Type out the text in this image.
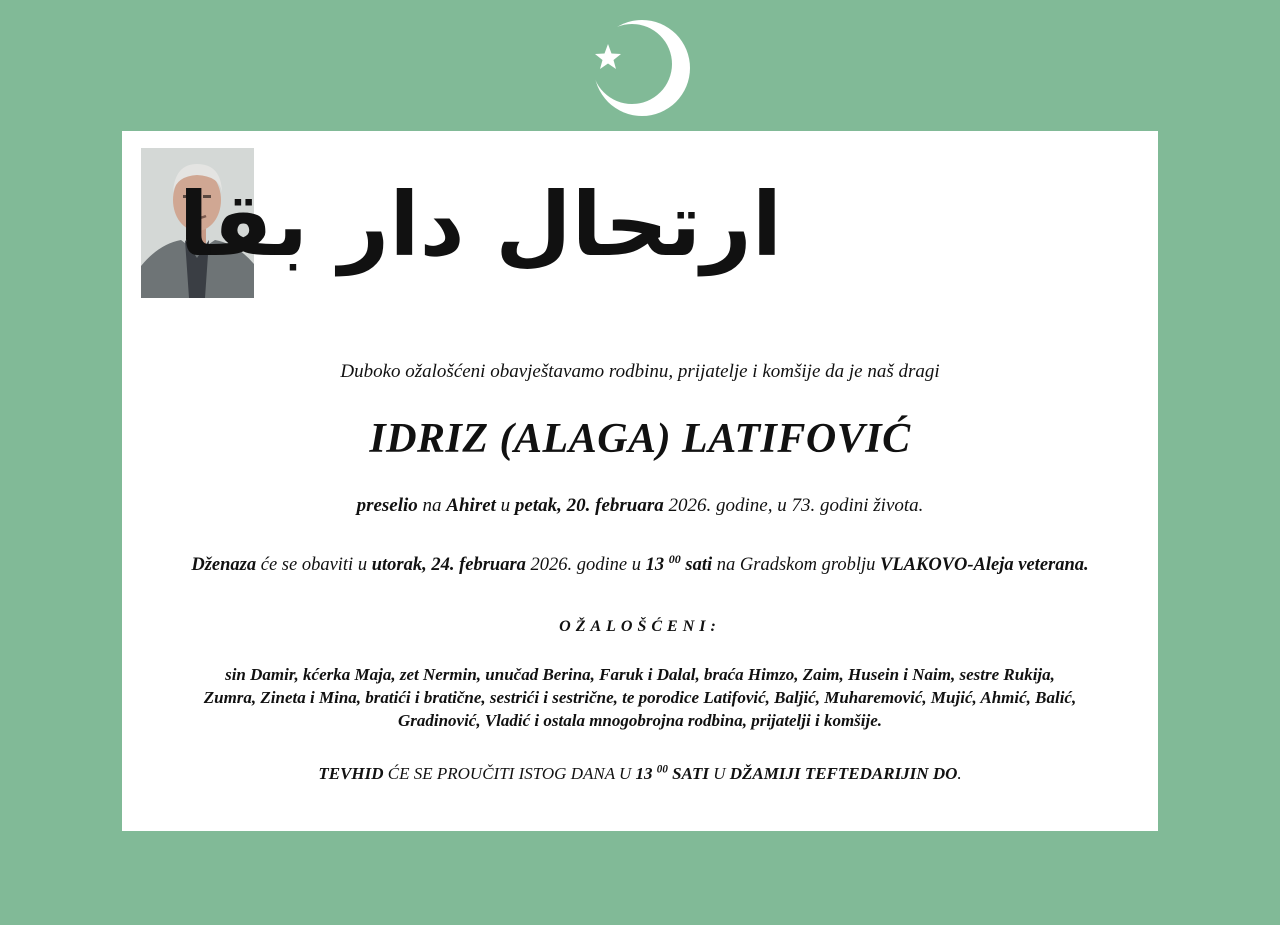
ارتحال دار بقا
Duboko ožalošćeni obavještavamo rodbinu, prijatelje i komšije da je naš dragi
IDRIZ (ALAGA) LATIFOVIĆ
preselio na Ahiret u petak, 20. februara 2026. godine, u 73. godini života.
Dženaza će se obaviti u utorak, 24. februara 2026. godine u 13 $^{00}$ sati na Gradskom groblju VLAKOVO-Aleja veterana.
OŽALOŠĆENI:
sin Damir, kćerka Maja, zet Nermin, unučad Berina, Faruk i Dalal, braća Himzo, Zaim, Husein i Naim, sestre Rukija,
Zumra, Zineta i Mina, bratići i bratične, sestrići i sestrične, te porodice Latifović, Baljić, Muharemović, Mujić, Ahmić, Balić,
Gradinović, Vladić i ostala mnogobrojna rodbina, prijatelji i komšije.
TEVHID ĆE SE PROUČITI ISTOG DANA U 13 $^{00}$ SATI U DŽAMIJI TEFTEDARIJIN DO.
